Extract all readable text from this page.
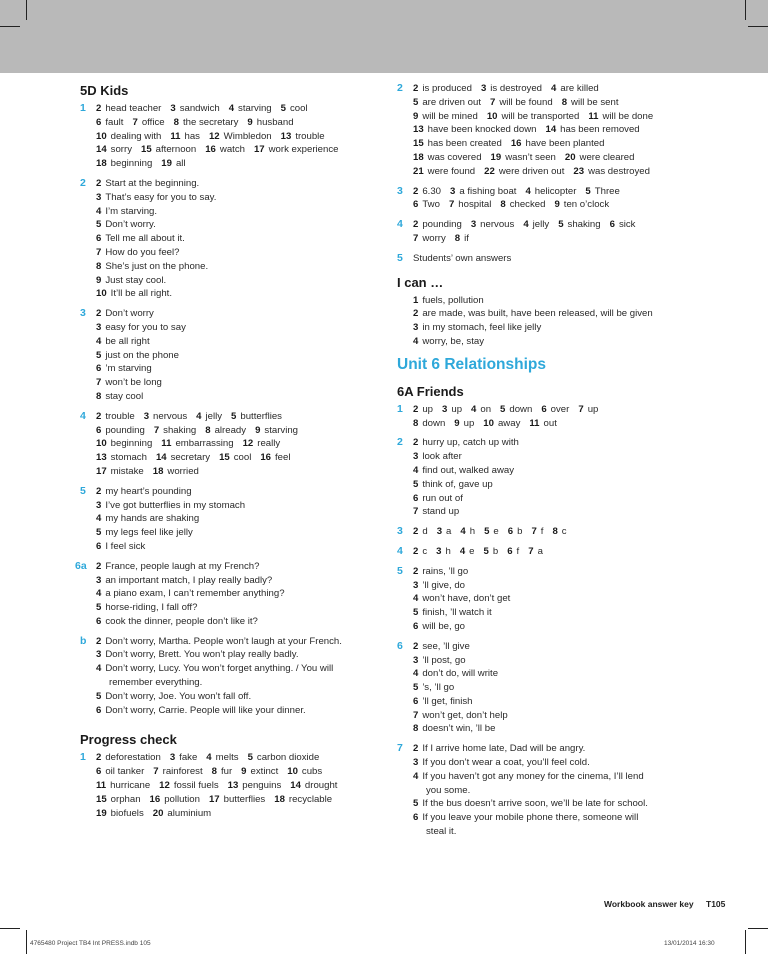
5D Kids
1 2 head teacher 3 sandwich 4 starving 5 cool
6 fault 7 office 8 the secretary 9 husband
10 dealing with 11 has 12 Wimbledon 13 trouble
14 sorry 15 afternoon 16 watch 17 work experience
18 beginning 19 all
2 2 Start at the beginning.
3 That’s easy for you to say.
4 I’m starving.
5 Don’t worry.
6 Tell me all about it.
7 How do you feel?
8 She’s just on the phone.
9 Just stay cool.
10 It’ll be all right.
3 2 Don’t worry
3 easy for you to say
4 be all right
5 just on the phone
6 ’m starving
7 won’t be long
8 stay cool
4 2 trouble 3 nervous 4 jelly 5 butterflies
6 pounding 7 shaking 8 already 9 starving
10 beginning 11 embarrassing 12 really
13 stomach 14 secretary 15 cool 16 feel
17 mistake 18 worried
5 2 my heart’s pounding
3 I’ve got butterflies in my stomach
4 my hands are shaking
5 my legs feel like jelly
6 I feel sick
6a 2 France, people laugh at my French?
3 an important match, I play really badly?
4 a piano exam, I can’t remember anything?
5 horse-riding, I fall off?
6 cook the dinner, people don’t like it?
b 2 Don’t worry, Martha. People won’t laugh at your French.
3 Don’t worry, Brett. You won’t play really badly.
4 Don’t worry, Lucy. You won’t forget anything. / You will
remember everything.
5 Don’t worry, Joe. You won’t fall off.
6 Don’t worry, Carrie. People will like your dinner.
Progress check
1 2 deforestation 3 fake 4 melts 5 carbon dioxide
6 oil tanker 7 rainforest 8 fur 9 extinct 10 cubs
11 hurricane 12 fossil fuels 13 penguins 14 drought
15 orphan 16 pollution 17 butterflies 18 recyclable
19 biofuels 20 aluminium
2 2 is produced 3 is destroyed 4 are killed
5 are driven out 7 will be found 8 will be sent
9 will be mined 10 will be transported 11 will be done
13 have been knocked down 14 has been removed
15 has been created 16 have been planted
18 was covered 19 wasn’t seen 20 were cleared
21 were found 22 were driven out 23 was destroyed
3 2 6.30 3 a fishing boat 4 helicopter 5 Three
6 Two 7 hospital 8 checked 9 ten o’clock
4 2 pounding 3 nervous 4 jelly 5 shaking 6 sick
7 worry 8 if
5 Students’ own answers
I can …
1 fuels, pollution
2 are made, was built, have been released, will be given
3 in my stomach, feel like jelly
4 worry, be, stay
Unit 6 Relationships
6A Friends
1 2 up 3 up 4 on 5 down 6 over 7 up
8 down 9 up 10 away 11 out
2 2 hurry up, catch up with
3 look after
4 find out, walked away
5 think of, gave up
6 run out of
7 stand up
3 2 d 3 a 4 h 5 e 6 b 7 f 8 c
4 2 c 3 h 4 e 5 b 6 f 7 a
5 2 rains, ’ll go
3 ’ll give, do
4 won’t have, don’t get
5 finish, ’ll watch it
6 will be, go
6 2 see, ’ll give
3 ’ll post, go
4 don’t do, will write
5 ’s, ’ll go
6 ’ll get, finish
7 won’t get, don’t help
8 doesn’t win, ’ll be
7 2 If I arrive home late, Dad will be angry.
3 If you don’t wear a coat, you’ll feel cold.
4 If you haven’t got any money for the cinema, I’ll lend
you some.
5 If the bus doesn’t arrive soon, we’ll be late for school.
6 If you leave your mobile phone there, someone will
steal it.
Workbook answer key T105
4765480 Project TB4 Int PRESS.indb 105	13/01/2014 16:30
